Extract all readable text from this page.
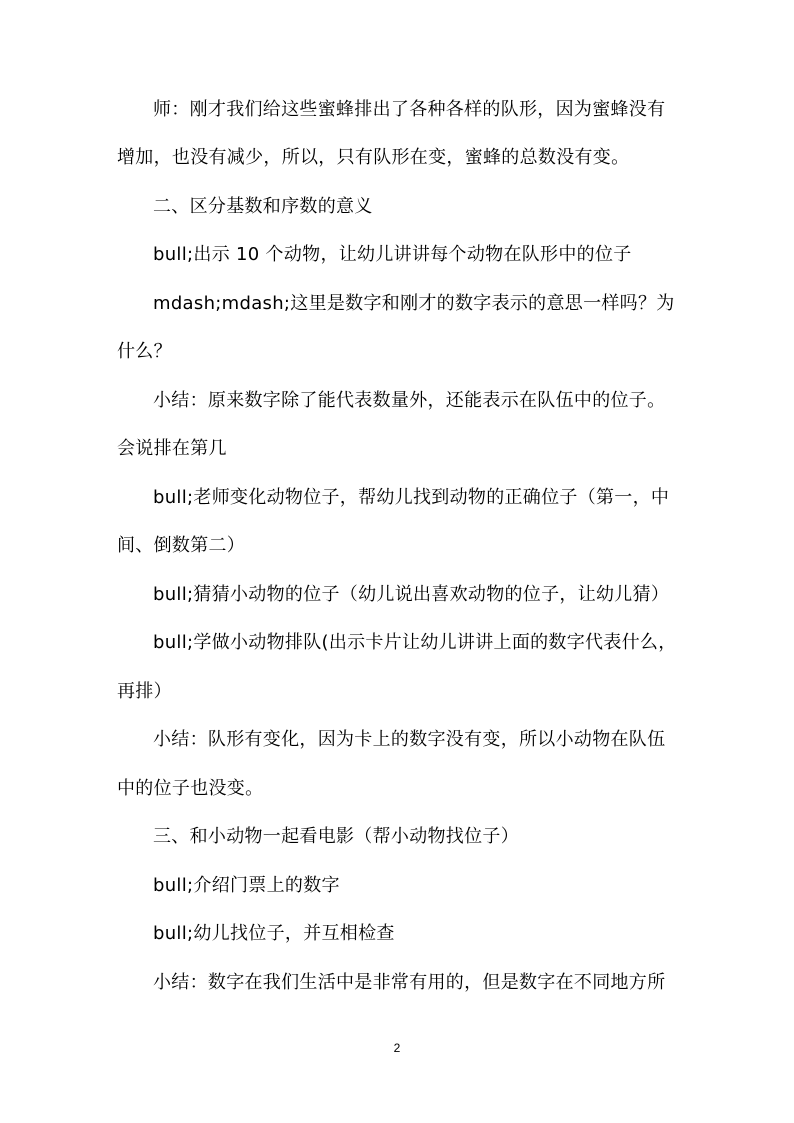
师：刚才我们给这些蜜蜂排出了各种各样的队形，因为蜜蜂没有
增加，也没有减少，所以，只有队形在变，蜜蜂的总数没有变。
二、区分基数和序数的意义
bull;出示 10 个动物，让幼儿讲讲每个动物在队形中的位子
mdash;mdash;这里是数字和刚才的数字表示的意思一样吗？为
什么？
小结：原来数字除了能代表数量外，还能表示在队伍中的位子。
会说排在第几
bull;老师变化动物位子，帮幼儿找到动物的正确位子（第一，中
间、倒数第二）
bull;猜猜小动物的位子（幼儿说出喜欢动物的位子，让幼儿猜）
bull;学做小动物排队(出示卡片让幼儿讲讲上面的数字代表什么，
再排）
小结：队形有变化，因为卡上的数字没有变，所以小动物在队伍
中的位子也没变。
三、和小动物一起看电影（帮小动物找位子）
bull;介绍门票上的数字
bull;幼儿找位子，并互相检查
小结：数字在我们生活中是非常有用的，但是数字在不同地方所
2
